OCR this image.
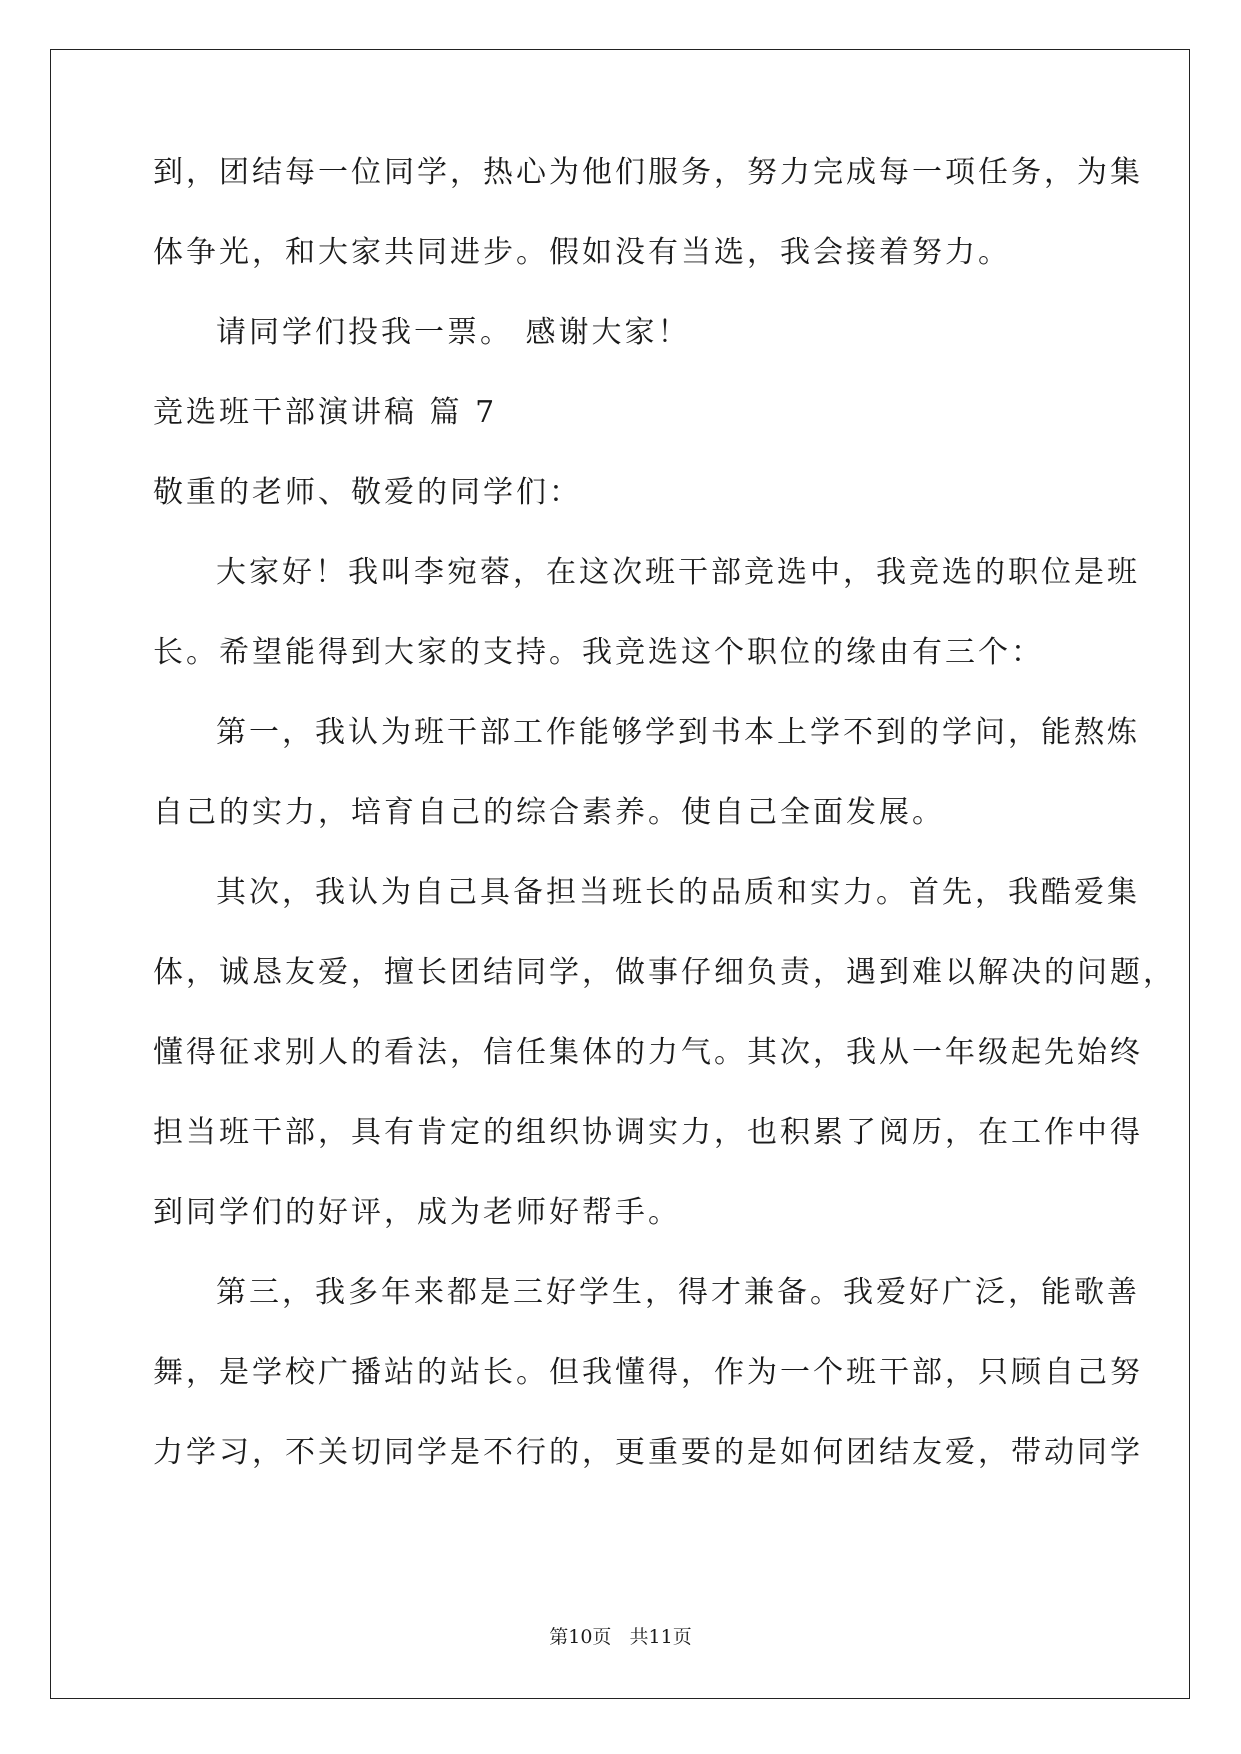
到，团结每一位同学，热心为他们服务，努力完成每一项任务，为集
体争光，和大家共同进步。假如没有当选，我会接着努力。
请同学们投我一票。 感谢大家！
竞选班干部演讲稿 篇 7
敬重的老师、敬爱的同学们：
大家好！我叫李宛蓉，在这次班干部竞选中，我竞选的职位是班
长。希望能得到大家的支持。我竞选这个职位的缘由有三个：
第一，我认为班干部工作能够学到书本上学不到的学问，能熬炼
自己的实力，培育自己的综合素养。使自己全面发展。
其次，我认为自己具备担当班长的品质和实力。首先，我酷爱集
体，诚恳友爱，擅长团结同学，做事仔细负责，遇到难以解决的问题，
懂得征求别人的看法，信任集体的力气。其次，我从一年级起先始终
担当班干部，具有肯定的组织协调实力，也积累了阅历，在工作中得
到同学们的好评，成为老师好帮手。
第三，我多年来都是三好学生，得才兼备。我爱好广泛，能歌善
舞，是学校广播站的站长。但我懂得，作为一个班干部，只顾自己努
力学习，不关切同学是不行的，更重要的是如何团结友爱，带动同学
第10页   共11页
